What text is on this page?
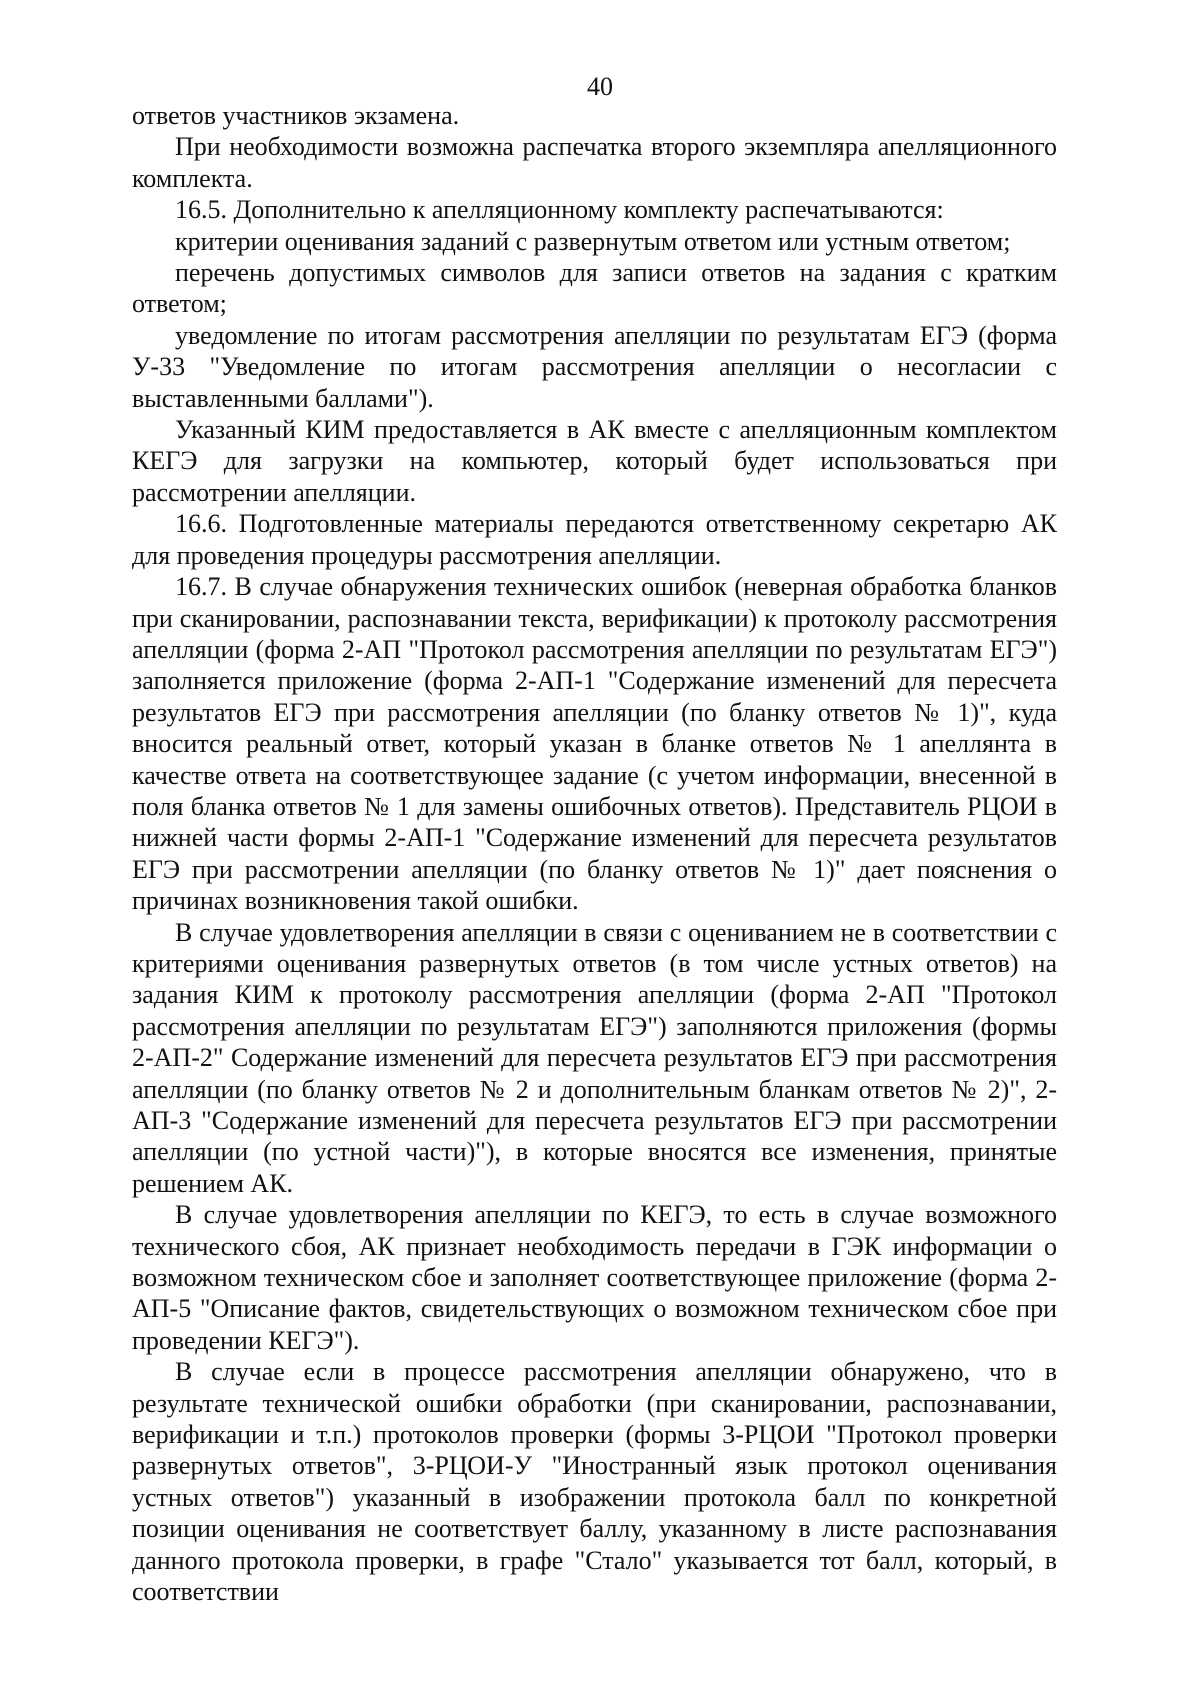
40

ответов участников экзамена.

При необходимости возможна распечатка второго экземпляра апелляционного комплекта.

16.5. Дополнительно к апелляционному комплекту распечатываются:

критерии оценивания заданий с развернутым ответом или устным ответом;

перечень допустимых символов для записи ответов на задания с кратким ответом;

уведомление по итогам рассмотрения апелляции по результатам ЕГЭ (форма У-33 "Уведомление по итогам рассмотрения апелляции о несогласии с выставленными баллами").

Указанный КИМ предоставляется в АК вместе с апелляционным комплектом КЕГЭ для загрузки на компьютер, который будет использоваться при рассмотрении апелляции.

16.6. Подготовленные материалы передаются ответственному секретарю АК для проведения процедуры рассмотрения апелляции.

16.7. В случае обнаружения технических ошибок (неверная обработка бланков при сканировании, распознавании текста, верификации) к протоколу рассмотрения апелляции (форма 2-АП "Протокол рассмотрения апелляции по результатам ЕГЭ") заполняется приложение (форма 2-АП-1 "Содержание изменений для пересчета результатов ЕГЭ при рассмотрения апелляции (по бланку ответов № 1)", куда вносится реальный ответ, который указан в бланке ответов № 1 апеллянта в качестве ответа на соответствующее задание (с учетом информации, внесенной в поля бланка ответов № 1 для замены ошибочных ответов). Представитель РЦОИ в нижней части формы 2-АП-1 "Содержание изменений для пересчета результатов ЕГЭ при рассмотрении апелляции (по бланку ответов № 1)" дает пояснения о причинах возникновения такой ошибки.

В случае удовлетворения апелляции в связи с оцениванием не в соответствии с критериями оценивания развернутых ответов (в том числе устных ответов) на задания КИМ к протоколу рассмотрения апелляции (форма 2-АП "Протокол рассмотрения апелляции по результатам ЕГЭ") заполняются приложения (формы 2-АП-2" Содержание изменений для пересчета результатов ЕГЭ при рассмотрения апелляции (по бланку ответов № 2 и дополнительным бланкам ответов № 2)", 2-АП-3 "Содержание изменений для пересчета результатов ЕГЭ при рассмотрении апелляции (по устной части)"), в которые вносятся все изменения, принятые решением АК.

В случае удовлетворения апелляции по КЕГЭ, то есть в случае возможного технического сбоя, АК признает необходимость передачи в ГЭК информации о возможном техническом сбое и заполняет соответствующее приложение (форма 2-АП-5 "Описание фактов, свидетельствующих о возможном техническом сбое при проведении КЕГЭ").

В случае если в процессе рассмотрения апелляции обнаружено, что в результате технической ошибки обработки (при сканировании, распознавании, верификации и т.п.) протоколов проверки (формы 3-РЦОИ "Протокол проверки развернутых ответов", 3-РЦОИ-У "Иностранный язык протокол оценивания устных ответов") указанный в изображении протокола балл по конкретной позиции оценивания не соответствует баллу, указанному в листе распознавания данного протокола проверки, в графе "Стало" указывается тот балл, который, в соответствии
